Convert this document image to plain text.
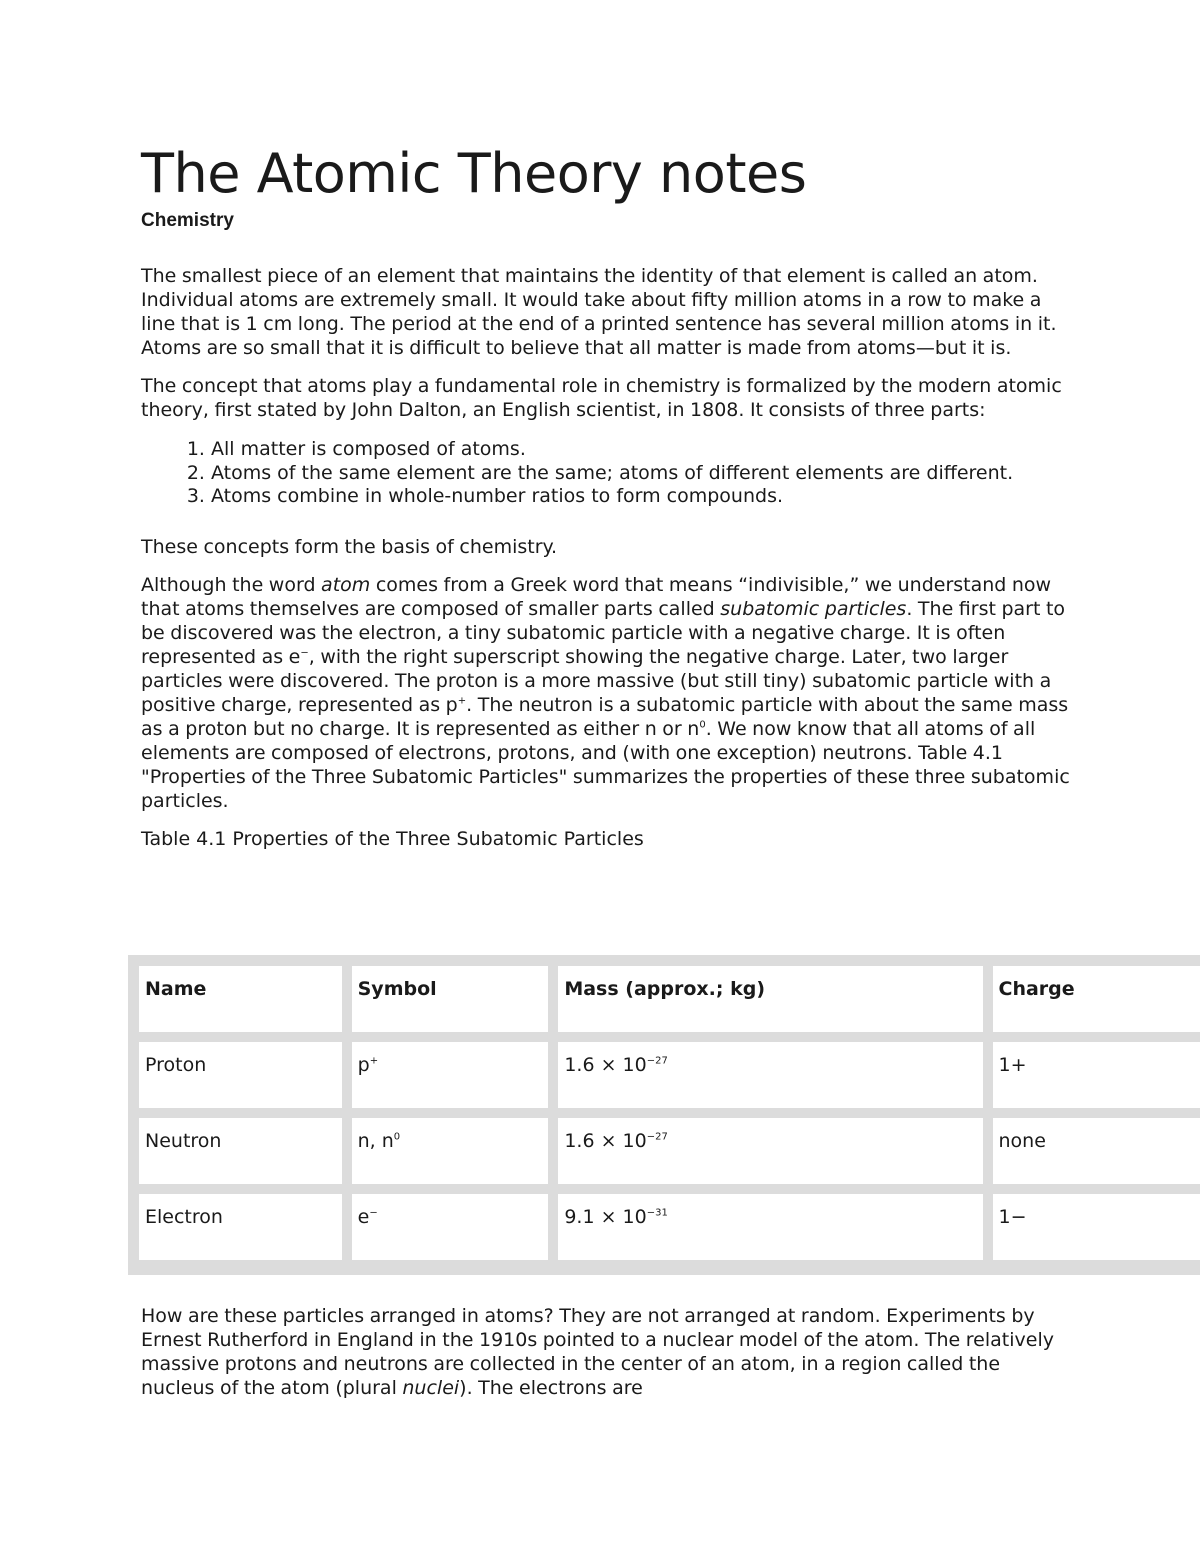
The Atomic Theory notes
Chemistry

The smallest piece of an element that maintains the identity of that element is called an atom. Individual atoms are extremely small. It would take about fifty million atoms in a row to make a line that is 1 cm long. The period at the end of a printed sentence has several million atoms in it. Atoms are so small that it is difficult to believe that all matter is made from atoms—but it is.

The concept that atoms play a fundamental role in chemistry is formalized by the modern atomic theory, first stated by John Dalton, an English scientist, in 1808. It consists of three parts:

1. All matter is composed of atoms.
2. Atoms of the same element are the same; atoms of different elements are different.
3. Atoms combine in whole-number ratios to form compounds.

These concepts form the basis of chemistry.

Although the word atom comes from a Greek word that means “indivisible,” we understand now that atoms themselves are composed of smaller parts called subatomic particles. The first part to be discovered was the electron, a tiny subatomic particle with a negative charge. It is often represented as e−, with the right superscript showing the negative charge. Later, two larger particles were discovered. The proton is a more massive (but still tiny) subatomic particle with a positive charge, represented as p+. The neutron is a subatomic particle with about the same mass as a proton but no charge. It is represented as either n or $n^0$. We now know that all atoms of all elements are composed of electrons, protons, and (with one exception) neutrons. Table 4.1 "Properties of the Three Subatomic Particles" summarizes the properties of these three subatomic particles.

Table 4.1 Properties of the Three Subatomic Particles
Name	Symbol	Mass (approx.; kg)	Charge
Proton	p+	$1.6 \times 10^{-27}$	1+
Neutron	n, $n^0$	$1.6 \times 10^{-27}$	none
Electron	e−	$9.1 \times 10^{-31}$	1−

How are these particles arranged in atoms? They are not arranged at random. Experiments by Ernest Rutherford in England in the 1910s pointed to a nuclear model of the atom. The relatively massive protons and neutrons are collected in the center of an atom, in a region called the nucleus of the atom (plural nuclei). The electrons are
